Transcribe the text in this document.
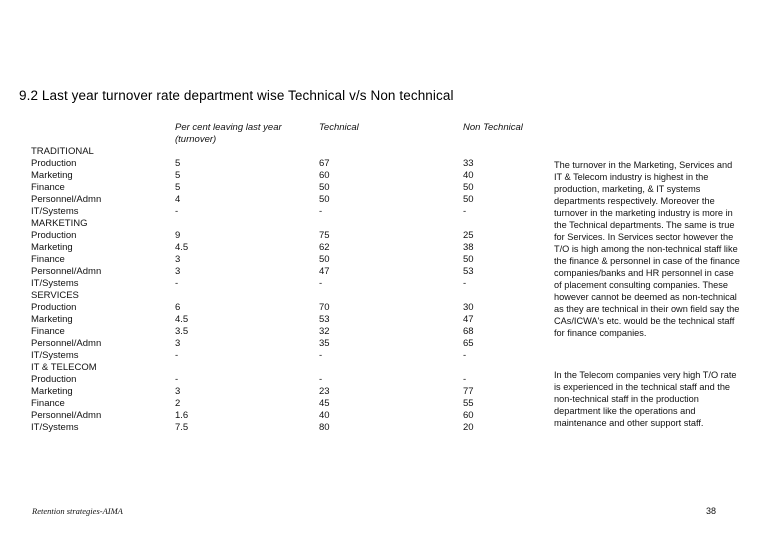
9.2 Last year turnover rate department wise Technical v/s Non technical
Per cent leaving last year (turnover)
Technical	Non Technical
TRADITIONAL
Production
Marketing
Finance
Personnel/Admn
IT/Systems
MARKETING
Production
Marketing
Finance
Personnel/Admn
IT/Systems
SERVICES
Production
Marketing
Finance
Personnel/Admn
IT/Systems
IT & TELECOM
Production
Marketing
Finance
Personnel/Admn
IT/Systems
5
5
5
4
-
9
4.5
3
3
-
6
4.5
3.5
3
-
-
3
2
1.6
7.5
67
60
50
50
-
75
62
50
47
-
70
53
32
35
-
-
23
45
40
80
33
40
50
50
-
25
38
50
53
-
30
47
68
65
-
-
77
55
60
20
The turnover in the Marketing, Services and IT & Telecom industry is highest in the production, marketing, & IT systems departments respectively. Moreover the turnover in the marketing industry is more in the Technical departments. The same is true for Services. In Services sector however the T/O is high among the non-technical staff like the finance & personnel in case of the finance companies/banks and HR personnel in case of placement consulting companies. These however cannot be deemed as non-technical as they are technical in their own field say the CAs/ICWA's etc. would be the technical staff for finance companies.
In the Telecom companies very high T/O rate is experienced in the technical staff and the non-technical staff in the production department like the operations and maintenance and other support staff.
Retention strategies-AIMA	38
